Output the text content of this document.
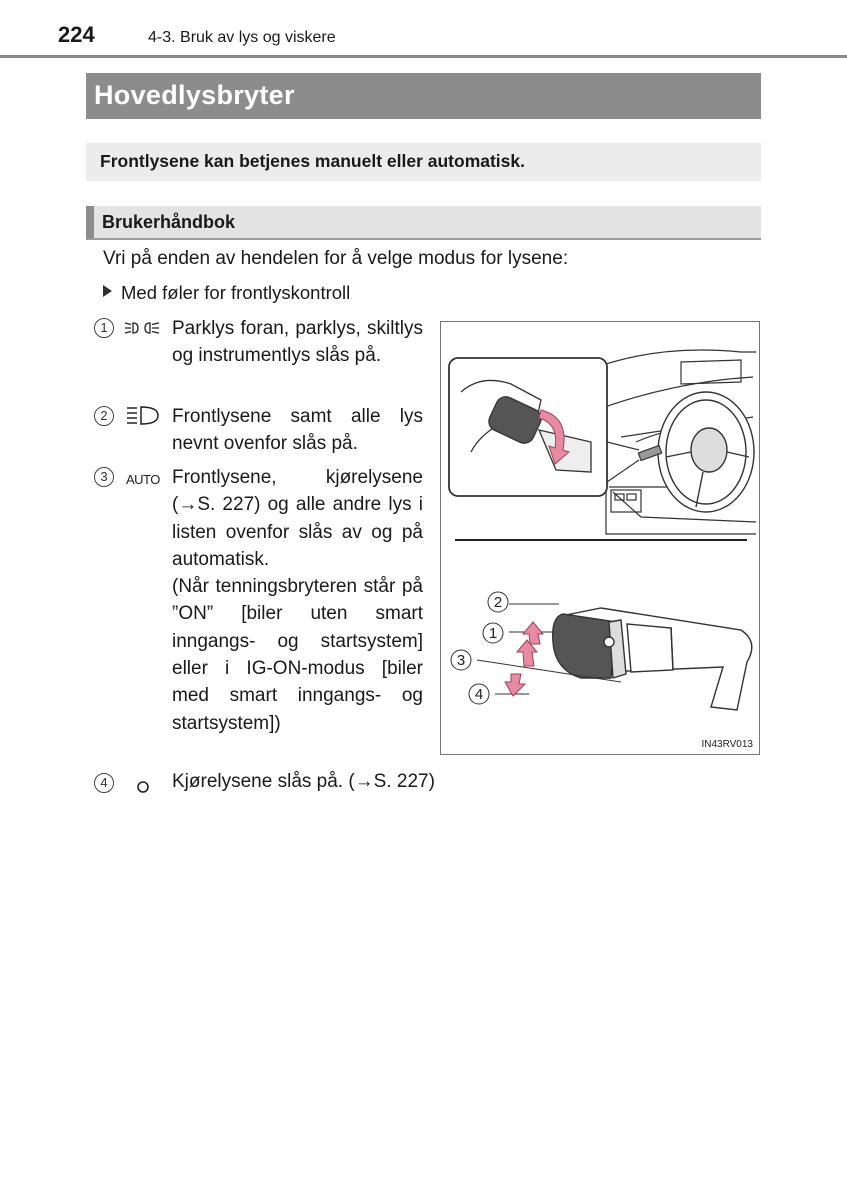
224	4-3. Bruk av lys og viskere
Hovedlysbryter
Frontlysene kan betjenes manuelt eller automatisk.
Brukerhåndbok
Vri på enden av hendelen for å velge modus for lysene:
Med føler for frontlyskontroll
1	Parklys foran, parklys, skiltlys og instrumentlys slås på.
2	Frontlysene samt alle lys nevnt ovenfor slås på.
3	AUTO Frontlysene, kjørelysene (→S. 227) og alle andre lys i listen ovenfor slås av og på automatisk.
(Når tenningsbryteren står på ”ON” [biler uten smart inngangs- og startsystem] eller i IG-ON-modus [biler med smart inngangs- og startsystem])
4	Kjørelysene slås på. (→S. 227)
2
1
3
4
IN43RV013
